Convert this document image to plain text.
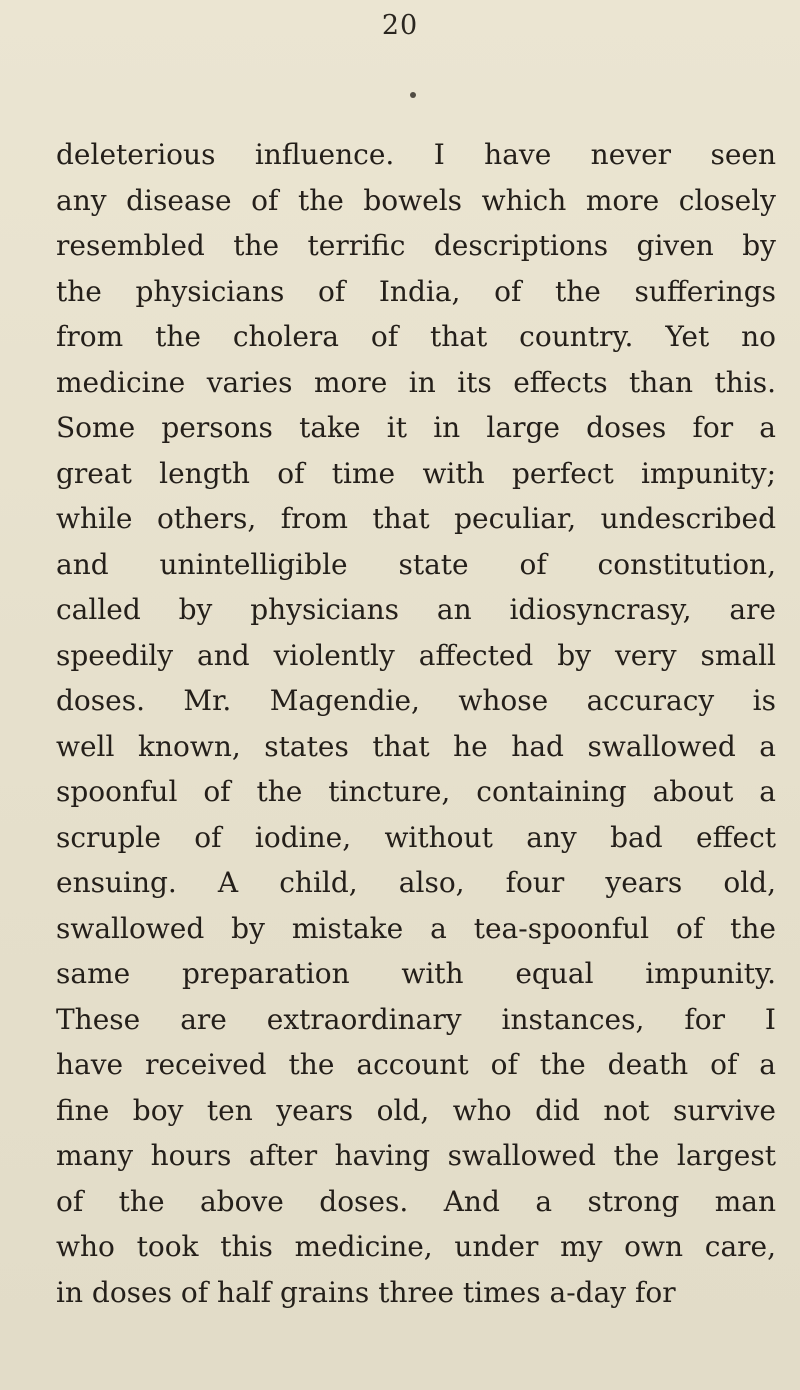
20
deleterious influence. I have never seen
any disease of the bowels which more closely
resembled the terrific descriptions given by
the physicians of India, of the sufferings
from the cholera of that country. Yet no
medicine varies more in its effects than this.
Some persons take it in large doses for a
great length of time with perfect impunity;
while others, from that peculiar, undescribed
and unintelligible state of constitution,
called by physicians an idiosyncrasy, are
speedily and violently affected by very small
doses. Mr. Magendie, whose accuracy is
well known, states that he had swallowed a
spoonful of the tincture, containing about a
scruple of iodine, without any bad effect
ensuing. A child, also, four years old,
swallowed by mistake a tea-spoonful of the
same preparation with equal impunity.
These are extraordinary instances, for I
have received the account of the death of a
fine boy ten years old, who did not survive
many hours after having swallowed the largest
of the above doses. And a strong man
who took this medicine, under my own care,
in doses of half grains three times a-day for
